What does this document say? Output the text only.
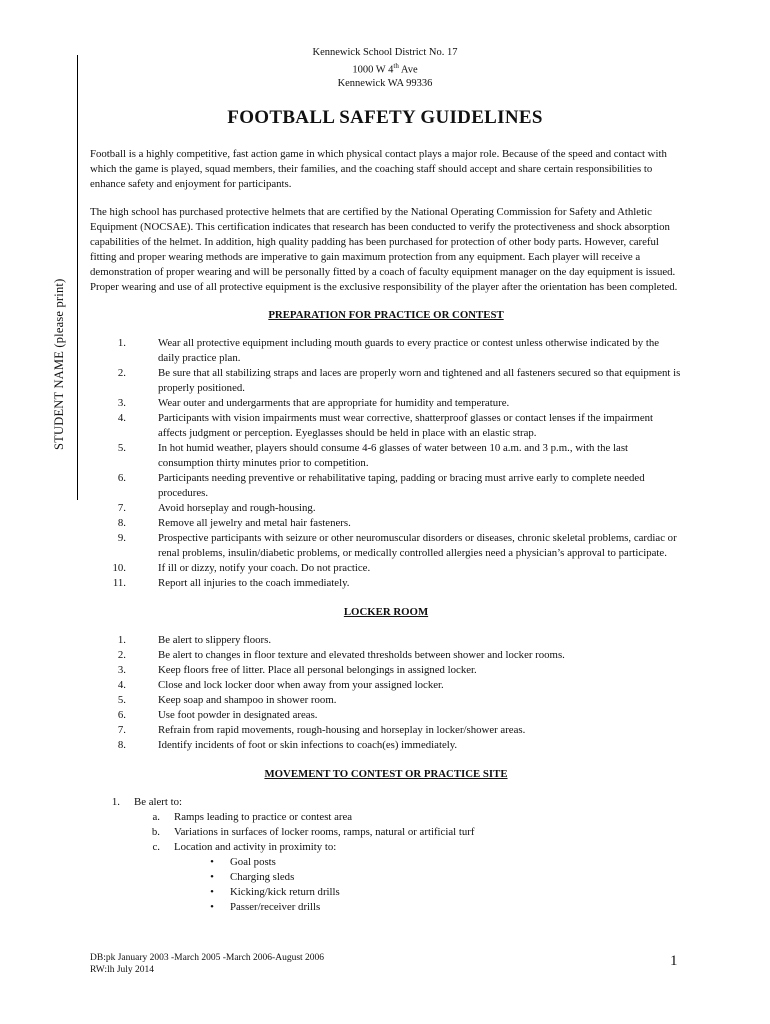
STUDENT NAME (please print)
Kennewick School District No. 17
1000 W 4th Ave
Kennewick WA 99336
FOOTBALL SAFETY GUIDELINES

Football is a highly competitive, fast action game in which physical contact plays a major role. Because of the speed and contact with which the game is played, squad members, their families, and the coaching staff should accept and share certain responsibilities to enhance safety and enjoyment for participants.

The high school has purchased protective helmets that are certified by the National Operating Commission for Safety and Athletic Equipment (NOCSAE). This certification indicates that research has been conducted to verify the protectiveness and shock absorption capabilities of the helmet. In addition, high quality padding has been purchased for protection of other body parts. However, careful fitting and proper wearing methods are imperative to gain maximum protection from any equipment. Each player will receive a demonstration of proper wearing and will be personally fitted by a coach of faculty equipment manager on the day equipment is issued. Proper wearing and use of all protective equipment is the exclusive responsibility of the player after the orientation has been completed.

PREPARATION FOR PRACTICE OR CONTEST
1.	Wear all protective equipment including mouth guards to every practice or contest unless otherwise indicated by the daily practice plan.
2.	Be sure that all stabilizing straps and laces are properly worn and tightened and all fasteners secured so that equipment is properly positioned.
3.	Wear outer and undergarments that are appropriate for humidity and temperature.
4.	Participants with vision impairments must wear corrective, shatterproof glasses or contact lenses if the impairment affects judgment or perception. Eyeglasses should be held in place with an elastic strap.
5.	In hot humid weather, players should consume 4-6 glasses of water between 10 a.m. and 3 p.m., with the last consumption thirty minutes prior to competition.
6.	Participants needing preventive or rehabilitative taping, padding or bracing must arrive early to complete needed procedures.
7.	Avoid horseplay and rough-housing.
8.	Remove all jewelry and metal hair fasteners.
9.	Prospective participants with seizure or other neuromuscular disorders or diseases, chronic skeletal problems, cardiac or renal problems, insulin/diabetic problems, or medically controlled allergies need a physician’s approval to participate.
10.	If ill or dizzy, notify your coach. Do not practice.
11.	Report all injuries to the coach immediately.
LOCKER ROOM
1.	Be alert to slippery floors.
2.	Be alert to changes in floor texture and elevated thresholds between shower and locker rooms.
3.	Keep floors free of litter. Place all personal belongings in assigned locker.
4.	Close and lock locker door when away from your assigned locker.
5.	Keep soap and shampoo in shower room.
6.	Use foot powder in designated areas.
7.	Refrain from rapid movements, rough-housing and horseplay in locker/shower areas.
8.	Identify incidents of foot or skin infections to coach(es) immediately.
MOVEMENT TO CONTEST OR PRACTICE SITE
1. Be alert to:
a. Ramps leading to practice or contest area
b. Variations in surfaces of locker rooms, ramps, natural or artificial turf
c. Location and activity in proximity to:
•	Goal posts
•	Charging sleds
•	Kicking/kick return drills
•	Passer/receiver drills
DB:pk January 2003 -March 2005 -March 2006-August 2006
RW:lh July 2014
1
